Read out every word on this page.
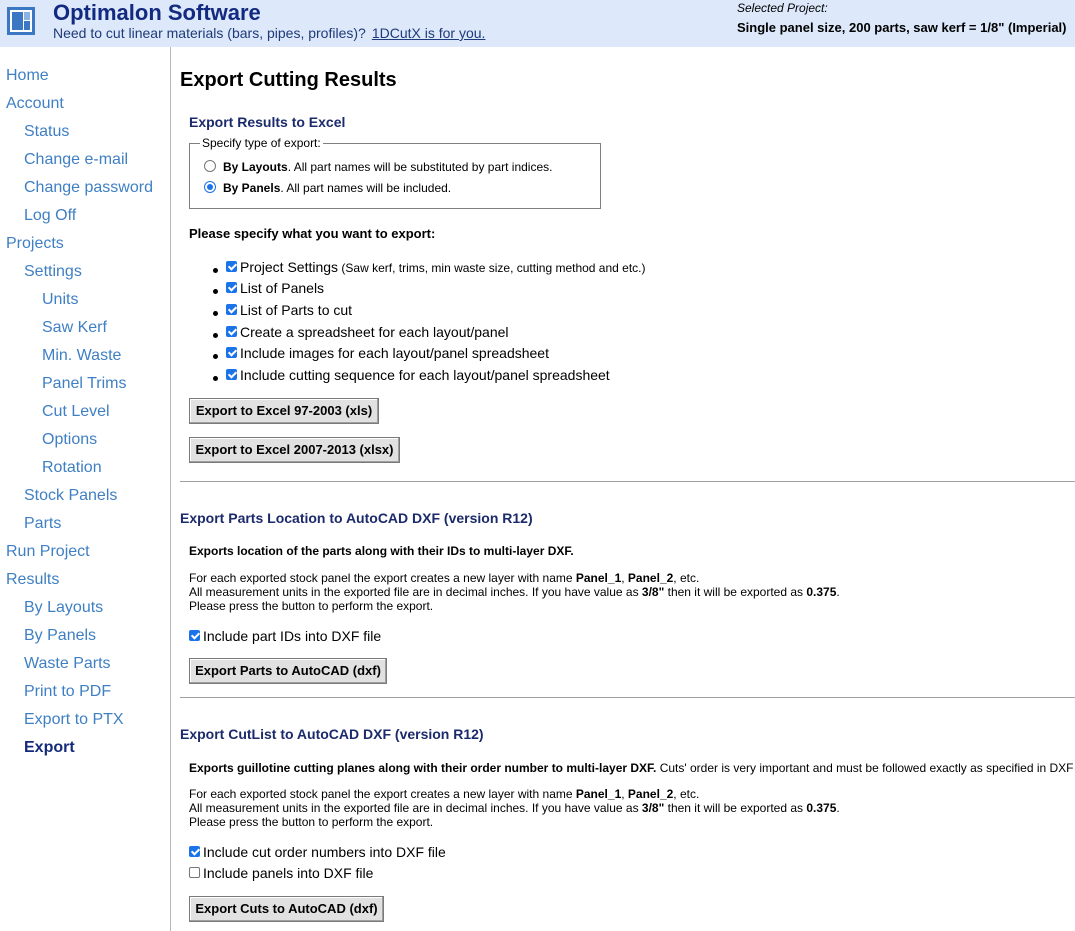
Optimalon Software
Need to cut linear materials (bars, pipes, profiles)? 1DCutX is for you.
Selected Project:
Single panel size, 200 parts, saw kerf = 1/8" (Imperial)
Home
Account
Status
Change e-mail
Change password
Log Off
Projects
Settings
Units
Saw Kerf
Min. Waste
Panel Trims
Cut Level
Options
Rotation
Stock Panels
Parts
Run Project
Results
By Layouts
By Panels
Waste Parts
Print to PDF
Export to PTX
Export
Export Cutting Results
Export Results to Excel
Specify type of export:
By Layouts. All part names will be substituted by part indices.
By Panels. All part names will be included.
Please specify what you want to export:
Project Settings (Saw kerf, trims, min waste size, cutting method and etc.)
List of Panels
List of Parts to cut
Create a spreadsheet for each layout/panel
Include images for each layout/panel spreadsheet
Include cutting sequence for each layout/panel spreadsheet
Export to Excel 97-2003 (xls)
Export to Excel 2007-2013 (xlsx)
Export Parts Location to AutoCAD DXF (version R12)
Exports location of the parts along with their IDs to multi-layer DXF.
For each exported stock panel the export creates a new layer with name Panel_1, Panel_2, etc.
All measurement units in the exported file are in decimal inches. If you have value as 3/8" then it will be exported as 0.375.
Please press the button to perform the export.
Include part IDs into DXF file
Export Parts to AutoCAD (dxf)
Export CutList to AutoCAD DXF (version R12)
Exports guillotine cutting planes along with their order number to multi-layer DXF. Cuts' order is very important and must be followed exactly as specified in DXF
For each exported stock panel the export creates a new layer with name Panel_1, Panel_2, etc.
All measurement units in the exported file are in decimal inches. If you have value as 3/8" then it will be exported as 0.375.
Please press the button to perform the export.
Include cut order numbers into DXF file
Include panels into DXF file
Export Cuts to AutoCAD (dxf)
